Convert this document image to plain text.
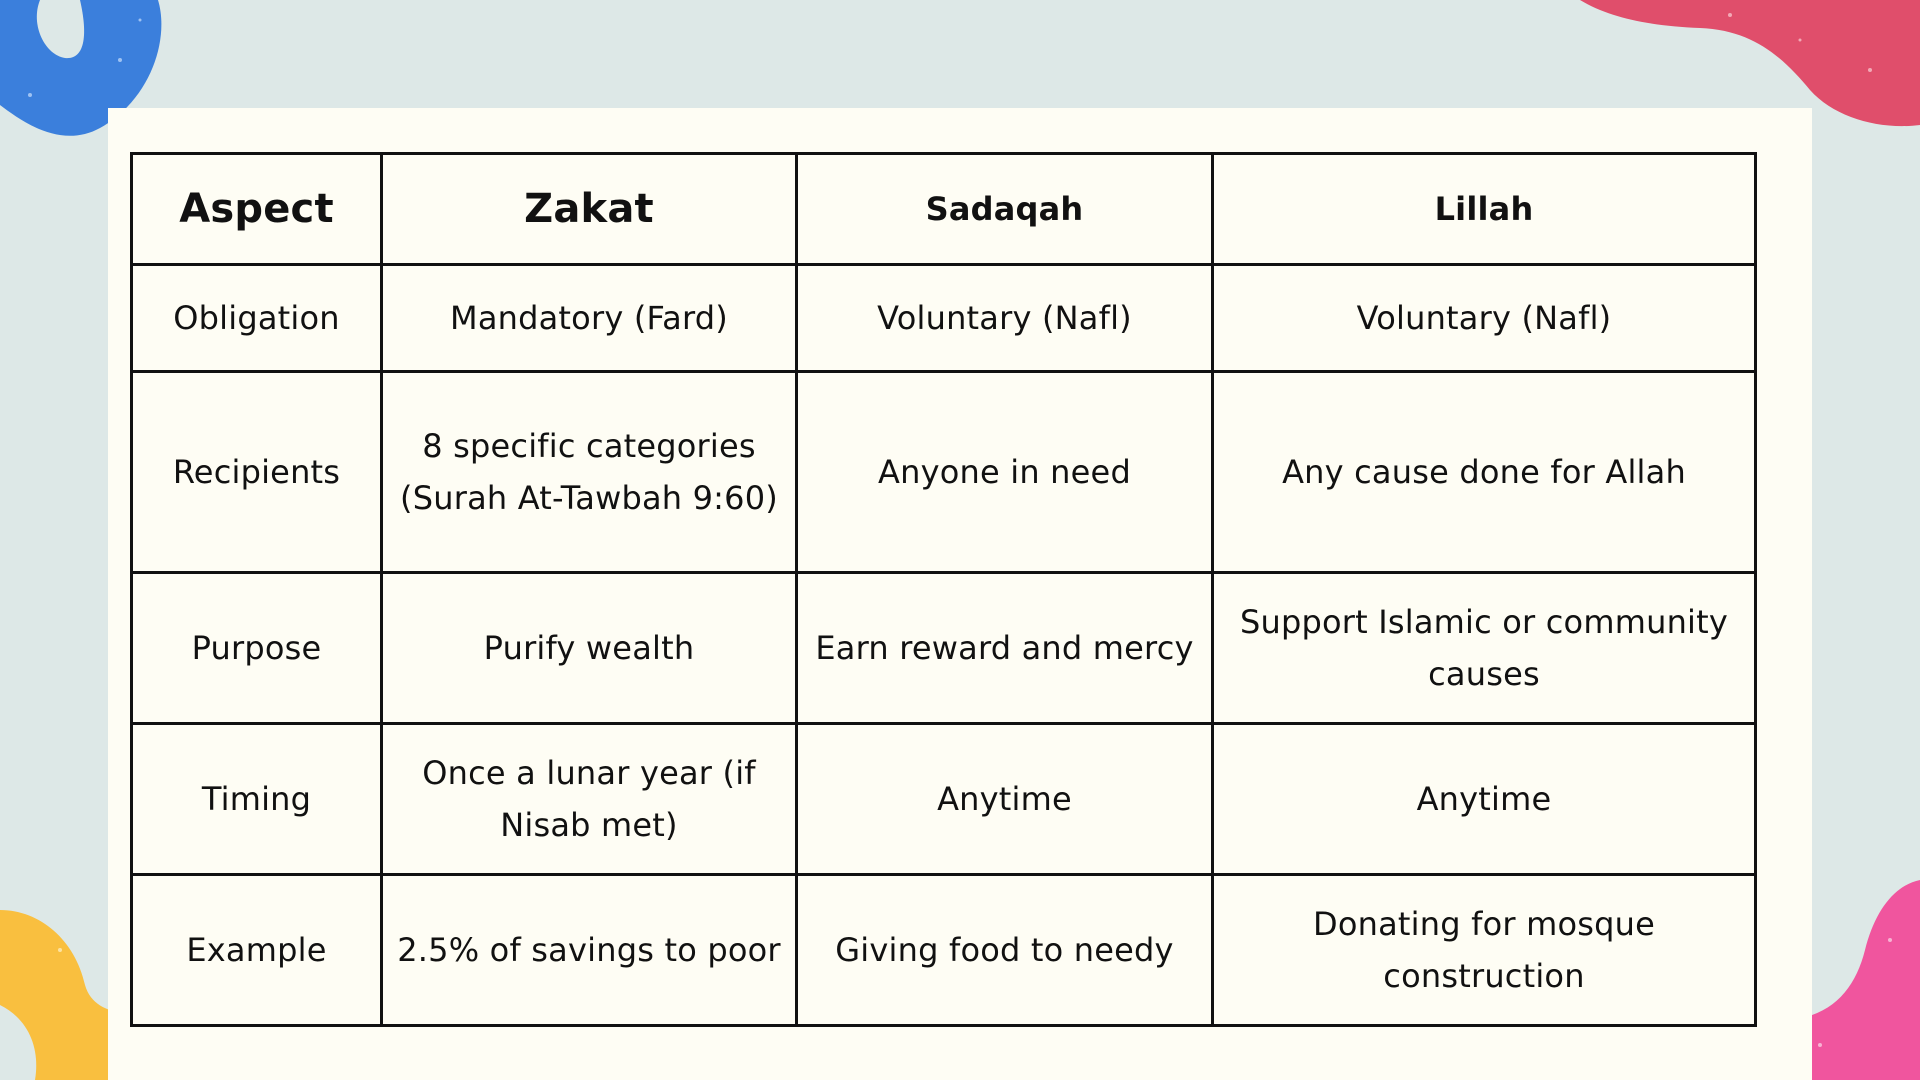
Aspect	Zakat	Sadaqah	Lillah
Obligation	Mandatory (Fard)	Voluntary (Nafl)	Voluntary (Nafl)
Recipients	8 specific categories (Surah At-Tawbah 9:60)	Anyone in need	Any cause done for Allah
Purpose	Purify wealth	Earn reward and mercy	Support Islamic or community causes
Timing	Once a lunar year (if Nisab met)	Anytime	Anytime
Example	2.5% of savings to poor	Giving food to needy	Donating for mosque construction
